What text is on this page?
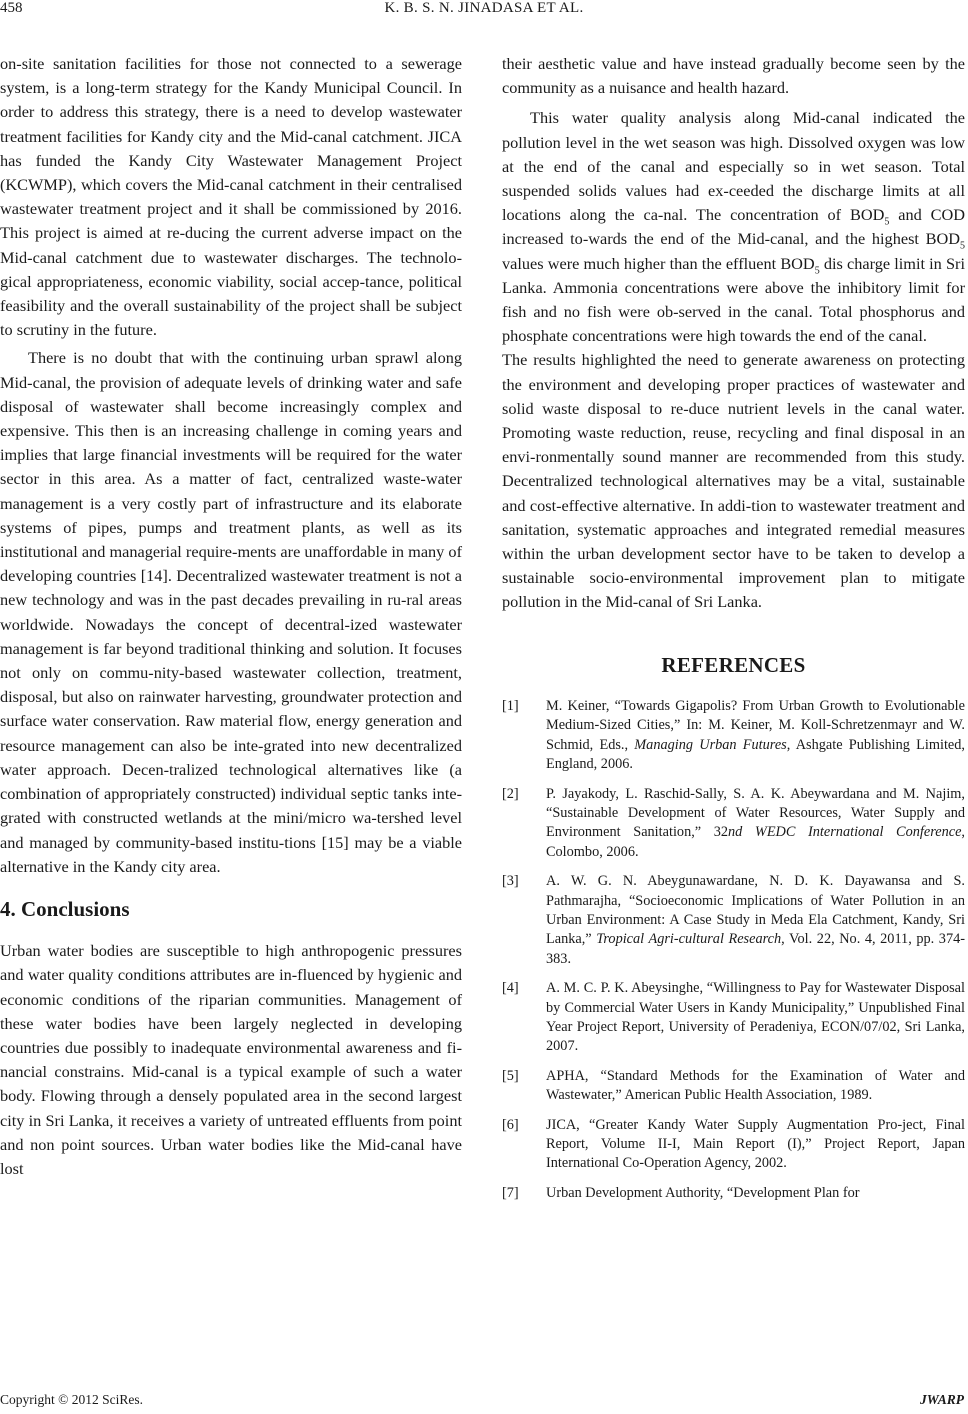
458	K. B. S. N. JINADASA ET AL.

on-site sanitation facilities for those not connected to a sewerage system, is a long-term strategy for the Kandy Municipal Council. In order to address this strategy, there is a need to develop wastewater treatment facilities for Kandy city and the Mid-canal catchment. JICA has funded the Kandy City Wastewater Management Project (KCWMP), which covers the Mid-canal catchment in their centralised wastewater treatment project and it shall be commissioned by 2016. This project is aimed at re-ducing the current adverse impact on the Mid-canal catchment due to wastewater discharges. The technolo-gical appropriateness, economic viability, social accep-tance, political feasibility and the overall sustainability of the project shall be subject to scrutiny in the future.

There is no doubt that with the continuing urban sprawl along Mid-canal, the provision of adequate levels of drinking water and safe disposal of wastewater shall become increasingly complex and expensive. This then is an increasing challenge in coming years and implies that large financial investments will be required for the water sector in this area. As a matter of fact, centralized waste-water management is a very costly part of infrastructure and its elaborate systems of pipes, pumps and treatment plants, as well as its institutional and managerial require-ments are unaffordable in many of developing countries [14]. Decentralized wastewater treatment is not a new technology and was in the past decades prevailing in ru-ral areas worldwide. Nowadays the concept of decentral-ized wastewater management is far beyond traditional thinking and solution. It focuses not only on commu-nity-based wastewater collection, treatment, disposal, but also on rainwater harvesting, groundwater protection and surface water conservation. Raw material flow, energy generation and resource management can also be inte-grated into new decentralized water approach. Decen-tralized technological alternatives like (a combination of appropriately constructed) individual septic tanks inte-grated with constructed wetlands at the mini/micro wa-tershed level and managed by community-based institu-tions [15] may be a viable alternative in the Kandy city area.

4. Conclusions

Urban water bodies are susceptible to high anthropogenic pressures and water quality conditions attributes are in-fluenced by hygienic and economic conditions of the riparian communities. Management of these water bodies have been largely neglected in developing countries due possibly to inadequate environmental awareness and fi-nancial constrains. Mid-canal is a typical example of such a water body. Flowing through a densely populated area in the second largest city in Sri Lanka, it receives a variety of untreated effluents from point and non point sources. Urban water bodies like the Mid-canal have lost

their aesthetic value and have instead gradually become seen by the community as a nuisance and health hazard.

This water quality analysis along Mid-canal indicated the pollution level in the wet season was high. Dissolved oxygen was low at the end of the canal and especially so in wet season. Total suspended solids values had ex-ceeded the discharge limits at all locations along the ca-nal. The concentration of $BOD_5$ and COD increased to-wards the end of the Mid-canal, and the highest $BOD_5$ values were much higher than the effluent $BOD_5$ dis charge limit in Sri Lanka. Ammonia concentrations were above the inhibitory limit for fish and no fish were ob-served in the canal. Total phosphorus and phosphate concentrations were high towards the end of the canal.

The results highlighted the need to generate awareness on protecting the environment and developing proper practices of wastewater and solid waste disposal to re-duce nutrient levels in the canal water. Promoting waste reduction, reuse, recycling and final disposal in an envi-ronmentally sound manner are recommended from this study. Decentralized technological alternatives may be a vital, sustainable and cost-effective alternative. In addi-tion to wastewater treatment and sanitation, systematic approaches and integrated remedial measures within the urban development sector have to be taken to develop a sustainable socio-environmental improvement plan to mitigate pollution in the Mid-canal of Sri Lanka.

REFERENCES
[1]	M. Keiner, “Towards Gigapolis? From Urban Growth to Evolutionable Medium-Sized Cities,” In: M. Keiner, M. Koll-Schretzenmayr and W. Schmid, Eds., Managing Urban Futures, Ashgate Publishing Limited, England, 2006.
[2]	P. Jayakody, L. Raschid-Sally, S. A. K. Abeywardana and M. Najim, “Sustainable Development of Water Resources, Water Supply and Environment Sanitation,” 32nd WEDC International Conference, Colombo, 2006.
[3]	A. W. G. N. Abeygunawardane, N. D. K. Dayawansa and S. Pathmarajha, “Socioeconomic Implications of Water Pollution in an Urban Environment: A Case Study in Meda Ela Catchment, Kandy, Sri Lanka,” Tropical Agri-cultural Research, Vol. 22, No. 4, 2011, pp. 374-383.
[4]	A. M. C. P. K. Abeysinghe, “Willingness to Pay for Wastewater Disposal by Commercial Water Users in Kandy Municipality,” Unpublished Final Year Project Report, University of Peradeniya, ECON/07/02, Sri Lanka, 2007.
[5]	APHA, “Standard Methods for the Examination of Water and Wastewater,” American Public Health Association, 1989.
[6]	JICA, “Greater Kandy Water Supply Augmentation Pro-ject, Final Report, Volume II-I, Main Report (I),” Project Report, Japan International Co-Operation Agency, 2002.
[7]	Urban Development Authority, “Development Plan for
Copyright © 2012 SciRes.	JWARP
